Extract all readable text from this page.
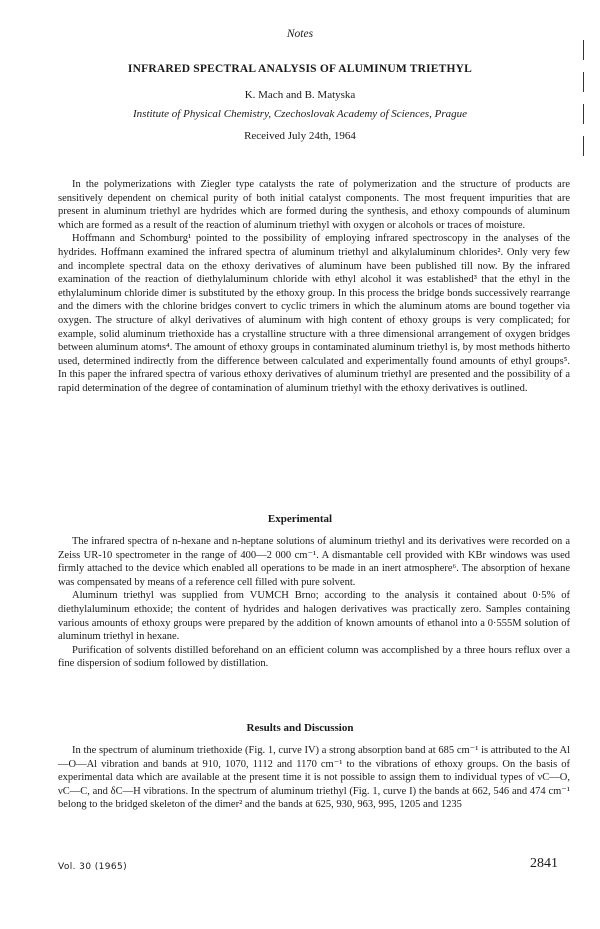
Notes
INFRARED SPECTRAL ANALYSIS OF ALUMINUM TRIETHYL
K. Mach and B. Matyska
Institute of Physical Chemistry, Czechoslovak Academy of Sciences, Prague
Received July 24th, 1964

In the polymerizations with Ziegler type catalysts the rate of polymerization and the structure of products are sensitively dependent on chemical purity of both initial catalyst components. The most frequent impurities that are present in aluminum triethyl are hydrides which are formed during the synthesis, and ethoxy compounds of aluminum which are formed as a result of the reaction of aluminum triethyl with oxygen or alcohols or traces of moisture.

Hoffmann and Schomburg¹ pointed to the possibility of employing infrared spectroscopy in the analyses of the hydrides. Hoffmann examined the infrared spectra of aluminum triethyl and alkylaluminum chlorides². Only very few and incomplete spectral data on the ethoxy derivatives of aluminum have been published till now. By the infrared examination of the reaction of diethylaluminum chloride with ethyl alcohol it was established³ that the ethyl in the ethylaluminum chloride dimer is substituted by the ethoxy group. In this process the bridge bonds successively rearrange and the dimers with the chlorine bridges convert to cyclic trimers in which the aluminum atoms are bound together via oxygen. The structure of alkyl derivatives of aluminum with high content of ethoxy groups is very complicated; for example, solid aluminum triethoxide has a crystalline structure with a three dimensional arrangement of oxygen bridges between aluminum atoms⁴. The amount of ethoxy groups in contaminated aluminum triethyl is, by most methods hitherto used, determined indirectly from the difference between calculated and experimentally found amounts of ethyl groups⁵. In this paper the infrared spectra of various ethoxy derivatives of aluminum triethyl are presented and the possibility of a rapid determination of the degree of contamination of aluminum triethyl with the ethoxy derivatives is outlined.

Experimental

The infrared spectra of n-hexane and n-heptane solutions of aluminum triethyl and its derivatives were recorded on a Zeiss UR-10 spectrometer in the range of 400—2 000 cm⁻¹. A dismantable cell provided with KBr windows was used firmly attached to the device which enabled all operations to be made in an inert atmosphere⁶. The absorption of hexane was compensated by means of a reference cell filled with pure solvent.

Aluminum triethyl was supplied from VUMCH Brno; according to the analysis it contained about 0·5% of diethylaluminum ethoxide; the content of hydrides and halogen derivatives was practically zero. Samples containing various amounts of ethoxy groups were prepared by the addition of known amounts of ethanol into a 0·555M solution of aluminum triethyl in hexane.

Purification of solvents distilled beforehand on an efficient column was accomplished by a three hours reflux over a fine dispersion of sodium followed by distillation.

Results and Discussion

In the spectrum of aluminum triethoxide (Fig. 1, curve IV) a strong absorption band at 685 cm⁻¹ is attributed to the Al—O—Al vibration and bands at 910, 1070, 1112 and 1170 cm⁻¹ to the vibrations of ethoxy groups. On the basis of experimental data which are available at the present time it is not possible to assign them to individual types of νC—O, νC—C, and δC—H vibrations. In the spectrum of aluminum triethyl (Fig. 1, curve I) the bands at 662, 546 and 474 cm⁻¹ belong to the bridged skeleton of the dimer² and the bands at 625, 930, 963, 995, 1205 and 1235

Vol. 30 (1965)	2841
